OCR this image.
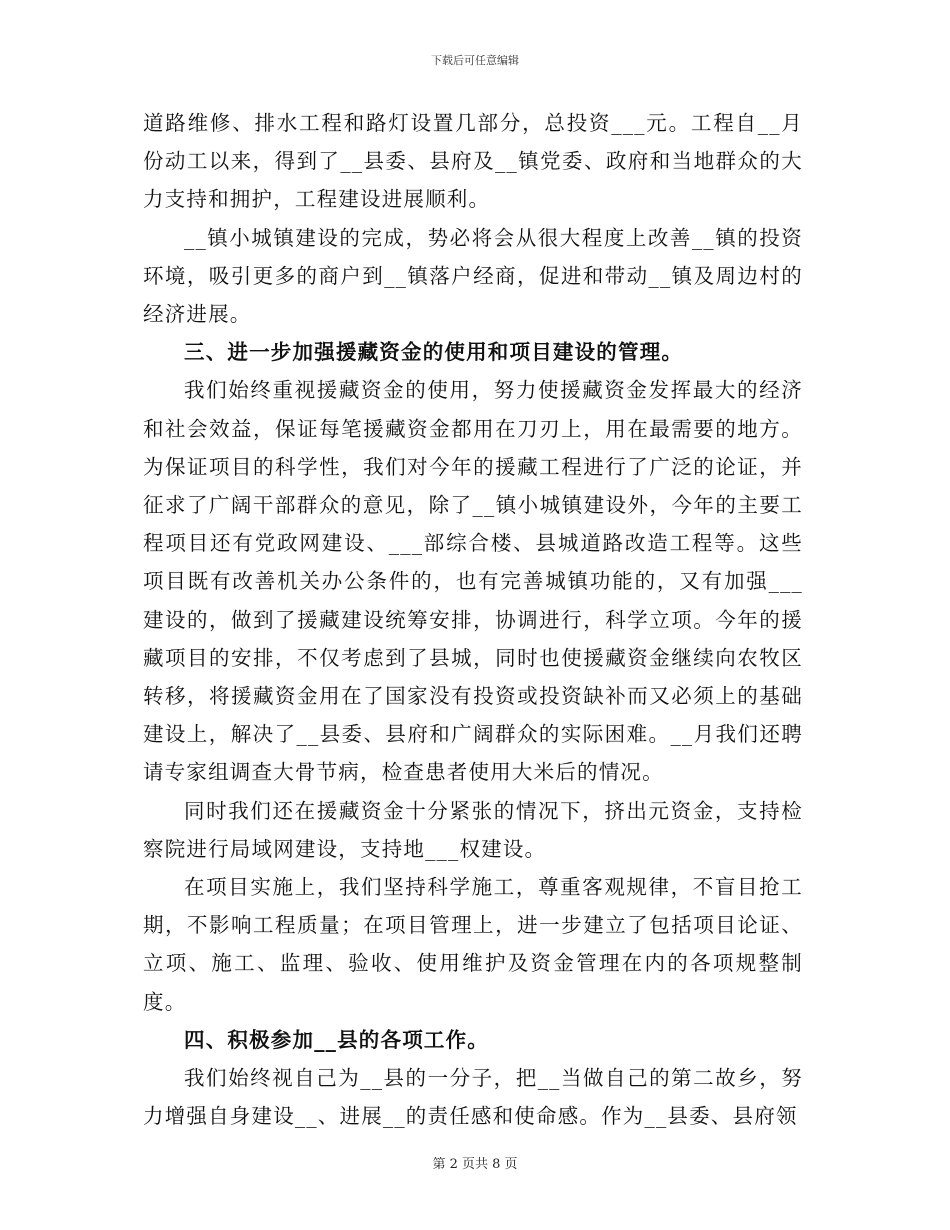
下载后可任意编辑

道路维修、排水工程和路灯设置几部分，总投资___元。工程自__月份动工以来，得到了__县委、县府及__镇党委、政府和当地群众的大力支持和拥护，工程建设进展顺利。

__镇小城镇建设的完成，势必将会从很大程度上改善__镇的投资环境，吸引更多的商户到__镇落户经商，促进和带动__镇及周边村的经济进展。

三、进一步加强援藏资金的使用和项目建设的管理。

我们始终重视援藏资金的使用，努力使援藏资金发挥最大的经济和社会效益，保证每笔援藏资金都用在刀刃上，用在最需要的地方。为保证项目的科学性，我们对今年的援藏工程进行了广泛的论证，并征求了广阔干部群众的意见，除了__镇小城镇建设外，今年的主要工程项目还有党政网建设、___部综合楼、县城道路改造工程等。这些项目既有改善机关办公条件的，也有完善城镇功能的，又有加强___建设的，做到了援藏建设统筹安排，协调进行，科学立项。今年的援藏项目的安排，不仅考虑到了县城，同时也使援藏资金继续向农牧区转移，将援藏资金用在了国家没有投资或投资缺补而又必须上的基础建设上，解决了__县委、县府和广阔群众的实际困难。__月我们还聘请专家组调查大骨节病，检查患者使用大米后的情况。

同时我们还在援藏资金十分紧张的情况下，挤出元资金，支持检察院进行局域网建设，支持地___权建设。

在项目实施上，我们坚持科学施工，尊重客观规律，不盲目抢工期，不影响工程质量；在项目管理上，进一步建立了包括项目论证、立项、施工、监理、验收、使用维护及资金管理在内的各项规整制度。

四、积极参加__县的各项工作。

我们始终视自己为__县的一分子，把__当做自己的第二故乡，努力增强自身建设__、进展__的责任感和使命感。作为__县委、县府领

第 2 页共 8 页
